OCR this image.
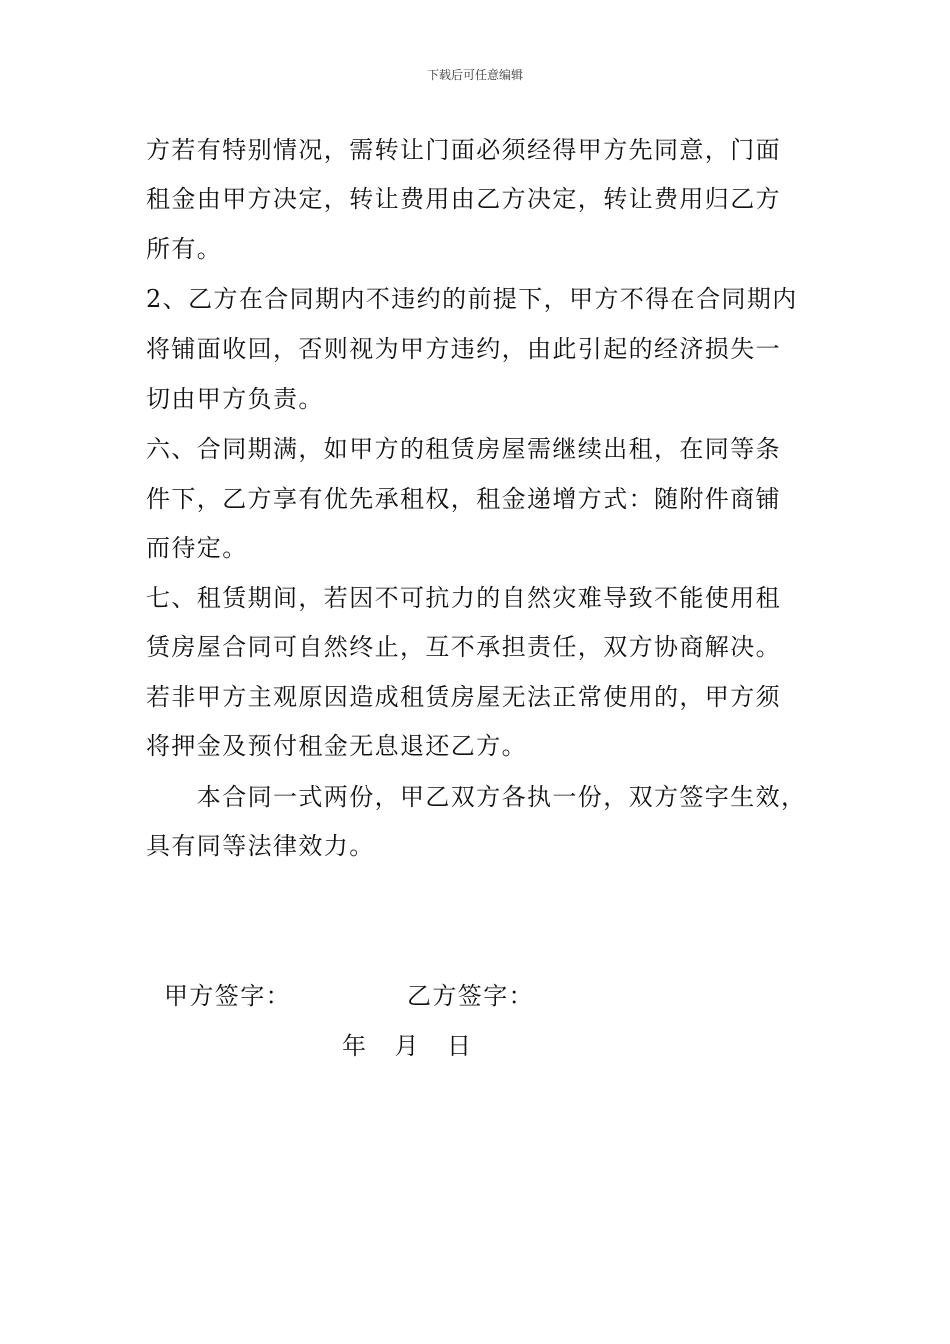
下载后可任意编辑
方若有特别情况，需转让门面必须经得甲方先同意，门面
租金由甲方决定，转让费用由乙方决定，转让费用归乙方
所有。
2、乙方在合同期内不违约的前提下，甲方不得在合同期内
将铺面收回，否则视为甲方违约，由此引起的经济损失一
切由甲方负责。
六、合同期满，如甲方的租赁房屋需继续出租，在同等条
件下，乙方享有优先承租权，租金递增方式：随附件商铺
而待定。
七、租赁期间，若因不可抗力的自然灾难导致不能使用租
赁房屋合同可自然终止，互不承担责任，双方协商解决。
若非甲方主观原因造成租赁房屋无法正常使用的，甲方须
将押金及预付租金无息退还乙方。
　　本合同一式两份，甲乙双方各执一份，双方签字生效，
具有同等法律效力。
甲方签字：	乙方签字：
年   月   日
